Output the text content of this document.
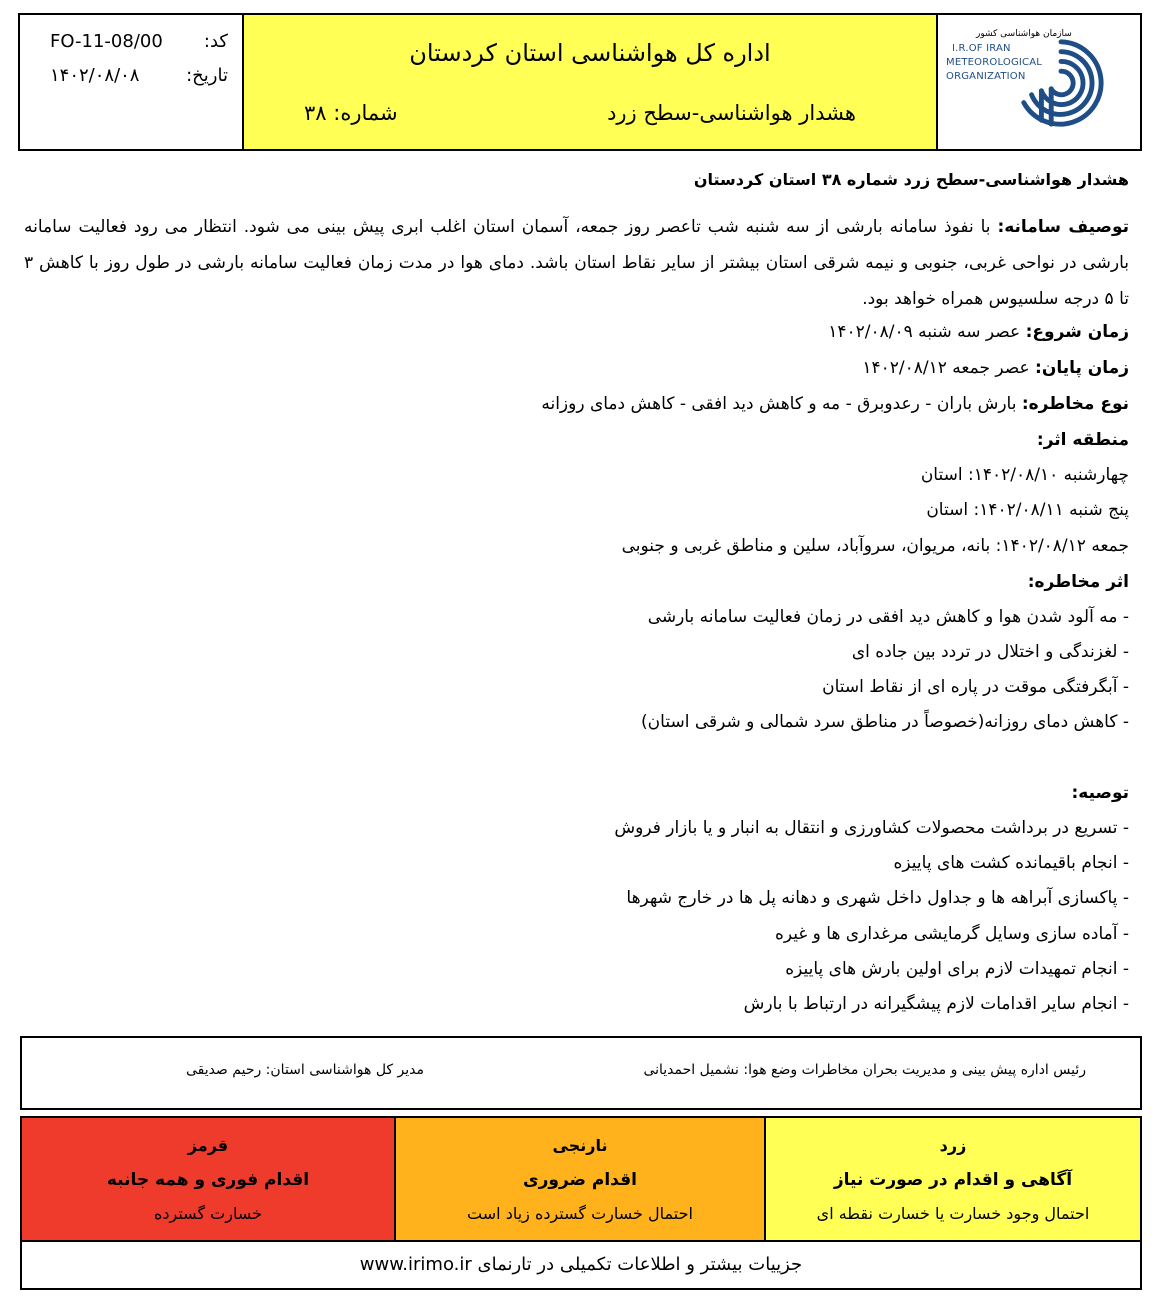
سازمان هواشناسی کشور
I.R.OF IRAN
METEOROLOGICAL
ORGANIZATION
اداره کل هواشناسی استان کردستان
هشدار هواشناسی-سطح زرد
شماره: ۳۸
کد:
FO-11-08/00
تاریخ:
۱۴۰۲/۰۸/۰۸
هشدار هواشناسی-سطح زرد شماره ۳۸ استان کردستان
توصیف سامانه: با نفوذ سامانه بارشی از سه شنبه شب تاعصر روز جمعه، آسمان استان اغلب ابری پیش بینی می شود. انتظار می رود فعالیت سامانه بارشی در نواحی غربی، جنوبی و نیمه شرقی استان بیشتر از سایر نقاط استان باشد. دمای هوا در مدت زمان فعالیت سامانه بارشی در طول روز با کاهش ۳ تا ۵ درجه سلسیوس همراه خواهد بود.
زمان شروع: عصر سه شنبه ۱۴۰۲/۰۸/۰۹
زمان پایان: عصر جمعه ۱۴۰۲/۰۸/۱۲
نوع مخاطره: بارش باران - رعدوبرق - مه و کاهش دید افقی - کاهش دمای روزانه
منطقه اثر:
چهارشنبه ۱۴۰۲/۰۸/۱۰: استان
پنج شنبه ۱۴۰۲/۰۸/۱۱: استان
جمعه ۱۴۰۲/۰۸/۱۲: بانه، مریوان، سروآباد، سلین و مناطق غربی و جنوبی
اثر مخاطره:
- مه آلود شدن هوا و کاهش دید افقی در زمان فعالیت سامانه بارشی
- لغزندگی و اختلال در تردد بین جاده ای
- آبگرفتگی موقت در پاره ای از نقاط استان
- کاهش دمای روزانه(خصوصاً در مناطق سرد شمالی و شرقی استان)
توصیه:
- تسریع در برداشت محصولات کشاورزی و انتقال به انبار و یا بازار فروش
- انجام باقیمانده کشت های پاییزه
- پاکسازی آبراهه ها و جداول داخل شهری و دهانه پل ها در خارج شهرها
- آماده سازی وسایل گرمایشی مرغداری ها و غیره
- انجام تمهیدات لازم برای اولین بارش های پاییزه
- انجام سایر اقدامات لازم پیشگیرانه در ارتباط با بارش
رئیس اداره پیش بینی و مدیریت بحران مخاطرات وضع هوا: نشمیل احمدیانی
مدیر کل هواشناسی استان: رحیم صدیقی
زرد
آگاهی و اقدام در صورت نیاز
احتمال وجود خسارت یا خسارت نقطه ای
نارنجی
اقدام ضروری
احتمال خسارت گسترده زیاد است
قرمز
اقدام فوری و همه جانبه
خسارت گسترده
جزییات بیشتر و اطلاعات تکمیلی در تارنمای www.irimo.ir
